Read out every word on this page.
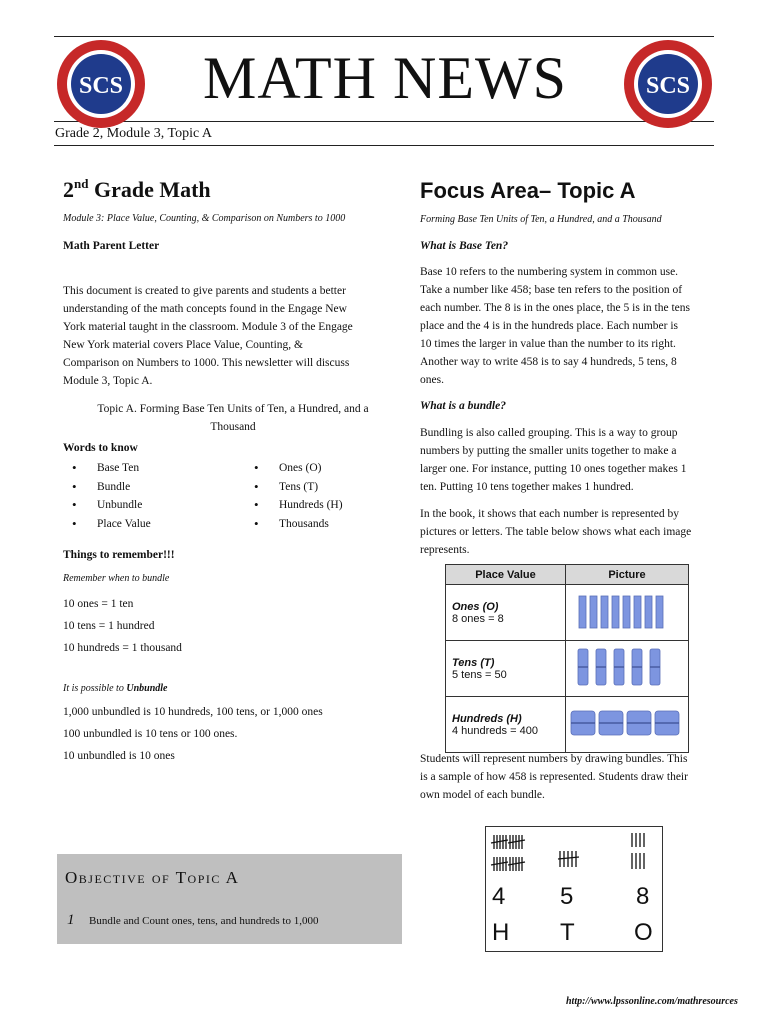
SCS	SCS
MATH NEWS
Grade 2, Module 3, Topic A
2nd Grade Math
Module 3: Place Value, Counting, & Comparison on Numbers to 1000
Math Parent Letter
This document is created to give parents and students a better
understanding of the math concepts found in the Engage New
York material taught in the classroom. Module 3 of the Engage
New York material covers Place Value, Counting, &
Comparison on Numbers to 1000. This newsletter will discuss
Module 3, Topic A.
Topic A. Forming Base Ten Units of Ten, a Hundred, and a
Thousand
Words to know
• Base Ten
• Bundle
• Unbundle
• Place Value
• Ones (O)
• Tens (T)
• Hundreds (H)
• Thousands
Things to remember!!!
Remember when to bundle
10 ones = 1 ten
10 tens = 1 hundred
10 hundreds = 1 thousand
It is possible to Unbundle
1,000 unbundled is 10 hundreds, 100 tens, or 1,000 ones
100 unbundled is 10 tens or 100 ones.
10 unbundled is 10 ones
Objective of Topic A
1 Bundle and Count ones, tens, and hundreds to 1,000
Focus Area– Topic A
Forming Base Ten Units of Ten, a Hundred, and a Thousand
What is Base Ten?
Base 10 refers to the numbering system in common use.
Take a number like 458; base ten refers to the position of
each number. The 8 is in the ones place, the 5 is in the tens
place and the 4 is in the hundreds place. Each number is
10 times the larger in value than the number to its right.
Another way to write 458 is to say 4 hundreds, 5 tens, 8
ones.
What is a bundle?
Bundling is also called grouping. This is a way to group
numbers by putting the smaller units together to make a
larger one. For instance, putting 10 ones together makes 1
ten. Putting 10 tens together makes 1 hundred.
In the book, it shows that each number is represented by
pictures or letters. The table below shows what each image
represents.
Place Value	Picture

Ones (O)
8 ones = 8

Tens (T)
5 tens = 50

Hundreds (H)
4 hundreds = 400

Students will represent numbers by drawing bundles. This
is a sample of how 458 is represented. Students draw their
own model of each bundle.
4 5	8
H T O
http://www.lpssonline.com/mathresources
